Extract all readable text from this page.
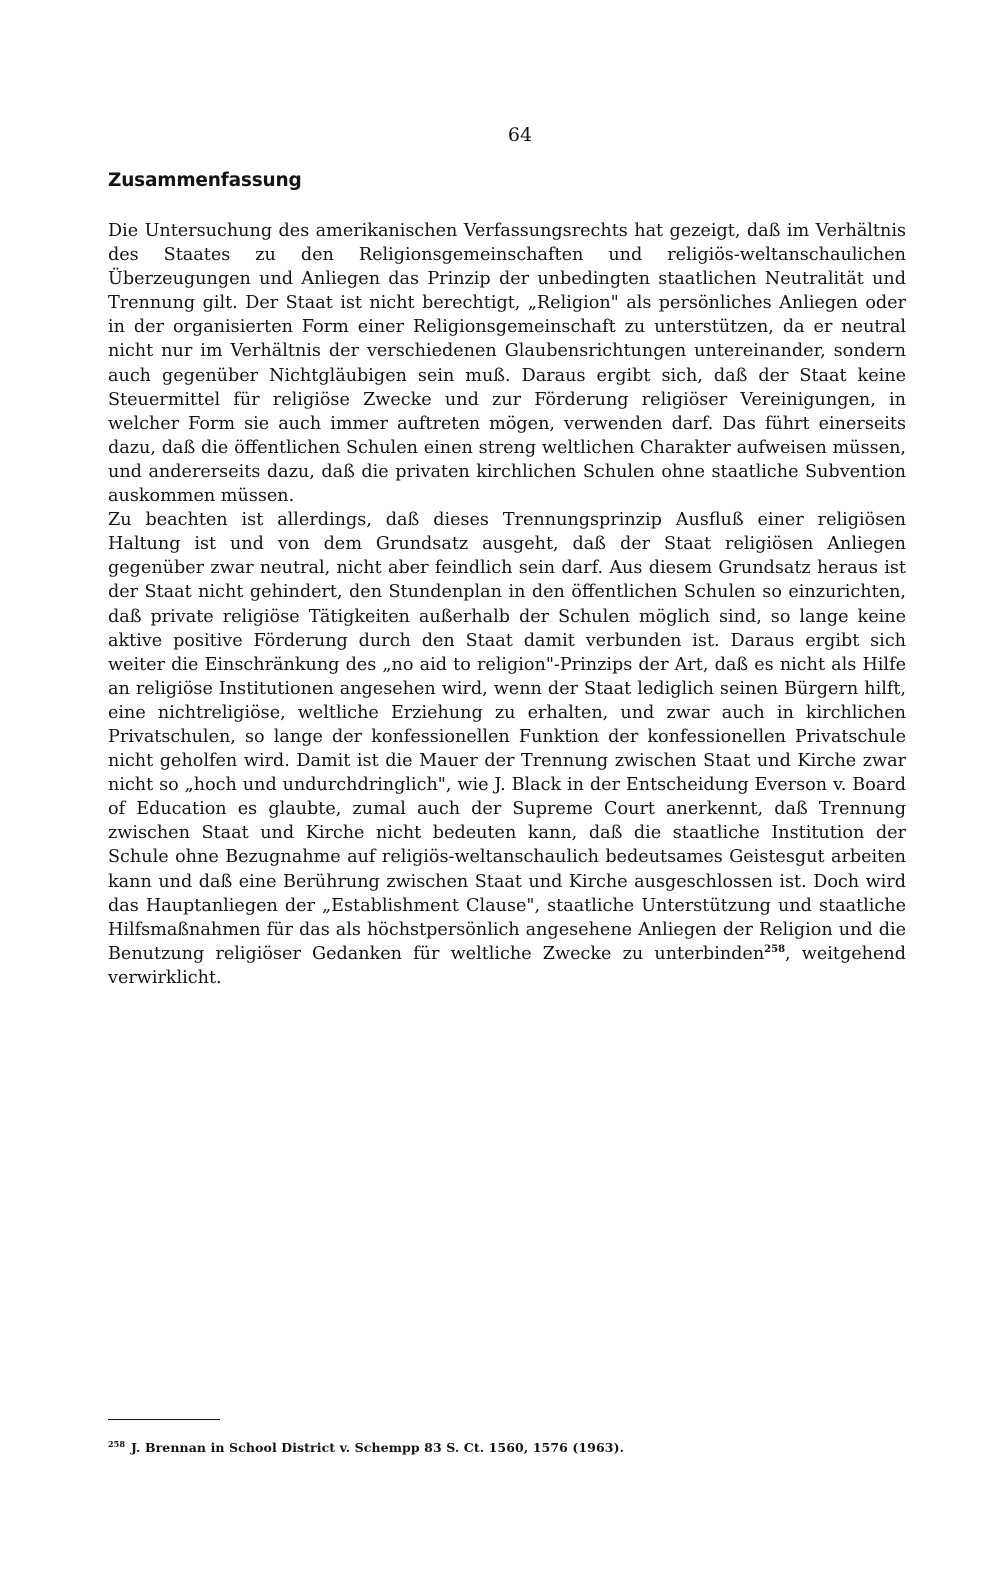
64
Zusammenfassung

Die Untersuchung des amerikanischen Verfassungsrechts hat gezeigt, daß im Verhältnis des Staates zu den Religionsgemeinschaften und religiös-weltanschaulichen Überzeugungen und Anliegen das Prinzip der unbedingten staatlichen Neutralität und Trennung gilt. Der Staat ist nicht berechtigt, „Religion" als persönliches Anliegen oder in der organisierten Form einer Religionsgemeinschaft zu unterstützen, da er neutral nicht nur im Verhältnis der verschiedenen Glaubensrichtungen untereinander, sondern auch gegenüber Nichtgläubigen sein muß. Daraus ergibt sich, daß der Staat keine Steuermittel für religiöse Zwecke und zur Förderung religiöser Vereinigungen, in welcher Form sie auch immer auftreten mögen, verwenden darf. Das führt einerseits dazu, daß die öffentlichen Schulen einen streng weltlichen Charakter aufweisen müssen, und andererseits dazu, daß die privaten kirchlichen Schulen ohne staatliche Subvention auskommen müssen.

Zu beachten ist allerdings, daß dieses Trennungsprinzip Ausfluß einer religiösen Haltung ist und von dem Grundsatz ausgeht, daß der Staat religiösen Anliegen gegenüber zwar neutral, nicht aber feindlich sein darf. Aus diesem Grundsatz heraus ist der Staat nicht gehindert, den Stundenplan in den öffentlichen Schulen so einzurichten, daß private religiöse Tätigkeiten außerhalb der Schulen möglich sind, so lange keine aktive positive Förderung durch den Staat damit verbunden ist. Daraus ergibt sich weiter die Einschränkung des „no aid to religion"-Prinzips der Art, daß es nicht als Hilfe an religiöse Institutionen angesehen wird, wenn der Staat lediglich seinen Bürgern hilft, eine nichtreligiöse, weltliche Erziehung zu erhalten, und zwar auch in kirchlichen Privatschulen, so lange der konfessionellen Funktion der konfessionellen Privatschule nicht geholfen wird. Damit ist die Mauer der Trennung zwischen Staat und Kirche zwar nicht so „hoch und undurchdringlich", wie J. Black in der Entscheidung Everson v. Board of Education es glaubte, zumal auch der Supreme Court anerkennt, daß Trennung zwischen Staat und Kirche nicht bedeuten kann, daß die staatliche Institution der Schule ohne Bezugnahme auf religiös-weltanschaulich bedeutsames Geistesgut arbeiten kann und daß eine Berührung zwischen Staat und Kirche ausgeschlossen ist. Doch wird das Hauptanliegen der „Establishment Clause", staatliche Unterstützung und staatliche Hilfsmaßnahmen für das als höchstpersönlich angesehene Anliegen der Religion und die Benutzung religiöser Gedanken für weltliche Zwecke zu unterbinden$^{258}$, weitgehend verwirklicht.

$^{258}$ J. Brennan in School District v. Schempp 83 S. Ct. 1560, 1576 (1963).
